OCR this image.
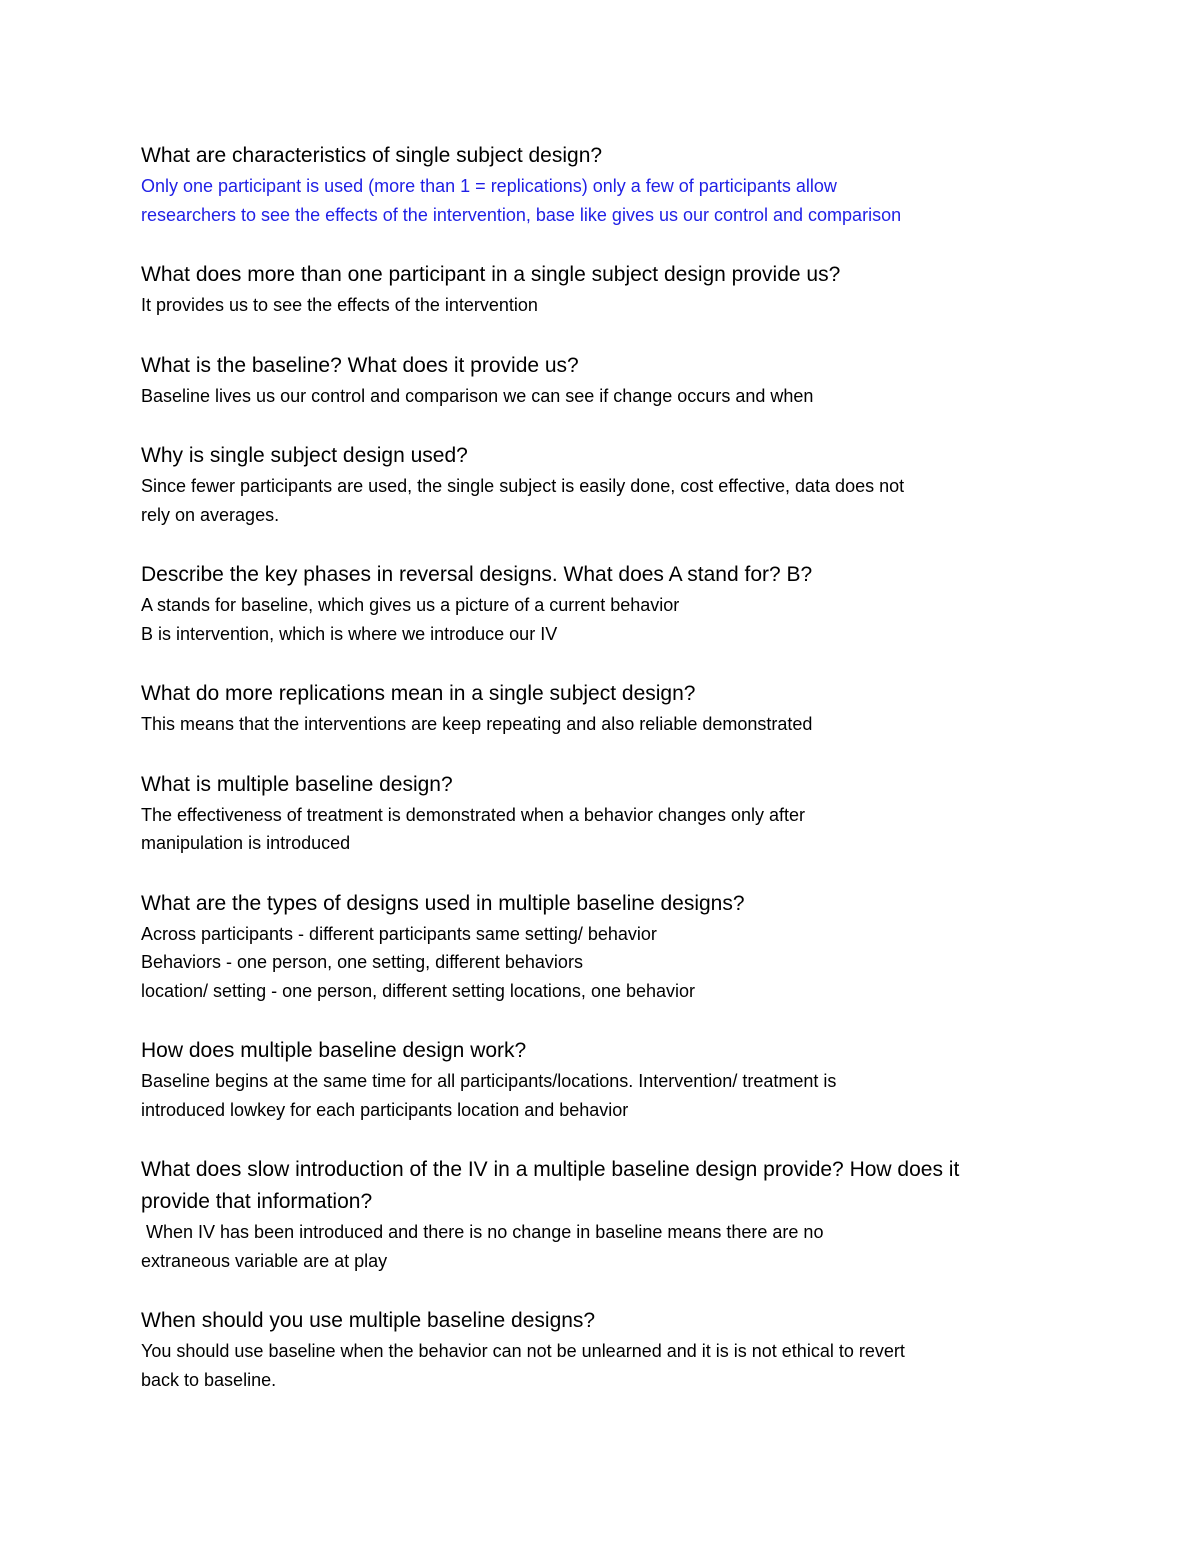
What are characteristics of single subject design?

Only one participant is used (more than 1 = replications) only a few of participants allow
researchers to see the effects of the intervention, base like gives us our control and comparison

What does more than one participant in a single subject design provide us?

It provides us to see the effects of the intervention

What is the baseline? What does it provide us?

Baseline lives us our control and comparison we can see if change occurs and when

Why is single subject design used?

Since fewer participants are used, the single subject is easily done, cost effective, data does not
rely on averages.

Describe the key phases in reversal designs. What does A stand for? B?

A stands for baseline, which gives us a picture of a current behavior
B is intervention, which is where we introduce our IV

What do more replications mean in a single subject design?

This means that the interventions are keep repeating and also reliable demonstrated

What is multiple baseline design?

The effectiveness of treatment is demonstrated when a behavior changes only after
manipulation is introduced

What are the types of designs used in multiple baseline designs?

Across participants - different participants same setting/ behavior
Behaviors - one person, one setting, different behaviors
location/ setting - one person, different setting locations, one behavior

How does multiple baseline design work?

Baseline begins at the same time for all participants/locations. Intervention/ treatment is
introduced lowkey for each participants location and behavior

What does slow introduction of the IV in a multiple baseline design provide? How does it
provide that information?

When IV has been introduced and there is no change in baseline means there are no
extraneous variable are at play

When should you use multiple baseline designs?

You should use baseline when the behavior can not be unlearned and it is is not ethical to revert
back to baseline.
